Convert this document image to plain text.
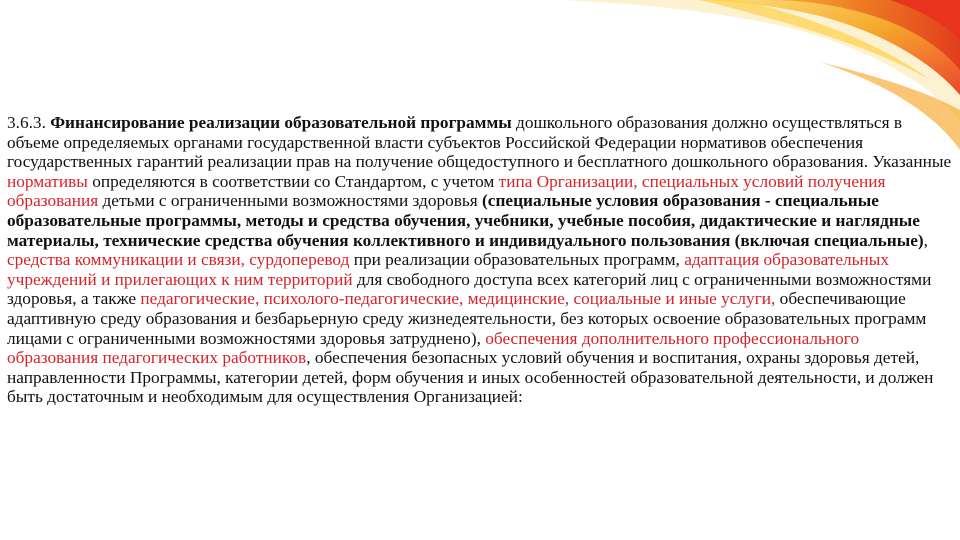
3.6.3. Финансирование реализации образовательной программы дошкольного образования должно осуществляться в объеме определяемых органами государственной власти субъектов Российской Федерации нормативов обеспечения государственных гарантий реализации прав на получение общедоступного и бесплатного дошкольного образования. Указанные нормативы определяются в соответствии со Стандартом, с учетом типа Организации, специальных условий получения образования детьми с ограниченными возможностями здоровья (специальные условия образования - специальные образовательные программы, методы и средства обучения, учебники, учебные пособия, дидактические и наглядные материалы, технические средства обучения коллективного и индивидуального пользования (включая специальные), средства коммуникации и связи, сурдоперевод при реализации образовательных программ, адаптация образовательных учреждений и прилегающих к ним территорий для свободного доступа всех категорий лиц с ограниченными возможностями здоровья, а также педагогические, психолого-педагогические, медицинские, социальные и иные услуги, обеспечивающие адаптивную среду образования и безбарьерную среду жизнедеятельности, без которых освоение образовательных программ лицами с ограниченными возможностями здоровья затруднено), обеспечения дополнительного профессионального образования педагогических работников, обеспечения безопасных условий обучения и воспитания, охраны здоровья детей, направленности Программы, категории детей, форм обучения и иных особенностей образовательной деятельности, и должен быть достаточным и необходимым для осуществления Организацией:
